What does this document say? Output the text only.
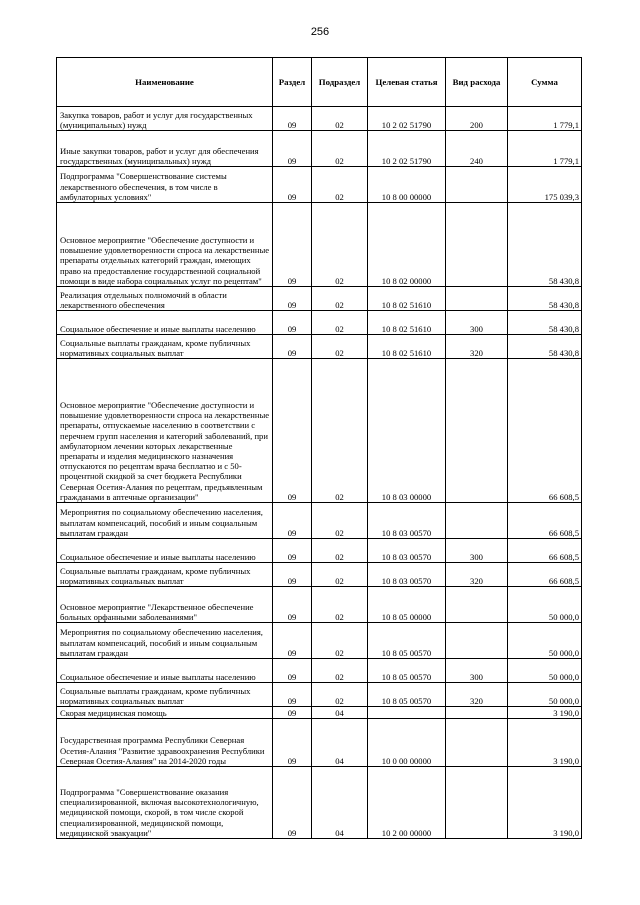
256
Наименование	Раздел	Подраздел	Целевая статья	Вид расхода	Сумма
Закупка товаров, работ и услуг для государственных (муниципальных) нужд	09	02	10 2 02 51790	200	1 779,1
Иные закупки товаров, работ и услуг для обеспечения государственных (муниципальных) нужд	09	02	10 2 02 51790	240	1 779,1
Подпрограмма "Совершенствование системы лекарственного обеспечения, в том числе в амбулаторных условиях"	09	02	10 8 00 00000		175 039,3
Основное мероприятие "Обеспечение доступности и повышение удовлетворенности спроса на лекарственные препараты отдельных категорий граждан, имеющих право на предоставление государственной социальной помощи в виде набора социальных услуг по рецептам"	09	02	10 8 02 00000		58 430,8
Реализация отдельных полномочий в области лекарственного обеспечения	09	02	10 8 02 51610		58 430,8
Социальное обеспечение и иные выплаты населению	09	02	10 8 02 51610	300	58 430,8
Социальные выплаты гражданам, кроме публичных нормативных социальных выплат	09	02	10 8 02 51610	320	58 430,8
Основное мероприятие "Обеспечение доступности и повышение удовлетворенности спроса на лекарственные препараты, отпускаемые населению в соответствии с перечнем групп населения и категорий заболеваний, при амбулаторном лечении которых лекарственные препараты и изделия медицинского назначения отпускаются по рецептам врача бесплатно и с 50-процентной скидкой за счет бюджета Республики Северная Осетия-Алания по рецептам, предъявленным гражданами в аптечные организации"	09	02	10 8 03 00000		66 608,5
Мероприятия по социальному обеспечению населения, выплатам компенсаций, пособий и иным социальным выплатам граждан	09	02	10 8 03 00570		66 608,5
Социальное обеспечение и иные выплаты населению	09	02	10 8 03 00570	300	66 608,5
Социальные выплаты гражданам, кроме публичных нормативных социальных выплат	09	02	10 8 03 00570	320	66 608,5
Основное мероприятие "Лекарственное обеспечение больных орфанными заболеваниями"	09	02	10 8 05 00000		50 000,0
Мероприятия по социальному обеспечению населения, выплатам компенсаций, пособий и иным социальным выплатам граждан	09	02	10 8 05 00570		50 000,0
Социальное обеспечение и иные выплаты населению	09	02	10 8 05 00570	300	50 000,0
Социальные выплаты гражданам, кроме публичных нормативных социальных выплат	09	02	10 8 05 00570	320	50 000,0
Скорая медицинская помощь	09	04			3 190,0
Государственная программа Республики Северная Осетия-Алания "Развитие здравоохранения Республики Северная Осетия-Алания" на 2014-2020 годы	09	04	10 0 00 00000		3 190,0
Подпрограмма "Совершенствование оказания специализированной, включая высокотехнологичную, медицинской помощи, скорой, в том числе скорой специализированной, медицинской помощи, медицинской эвакуации"	09	04	10 2 00 00000		3 190,0
